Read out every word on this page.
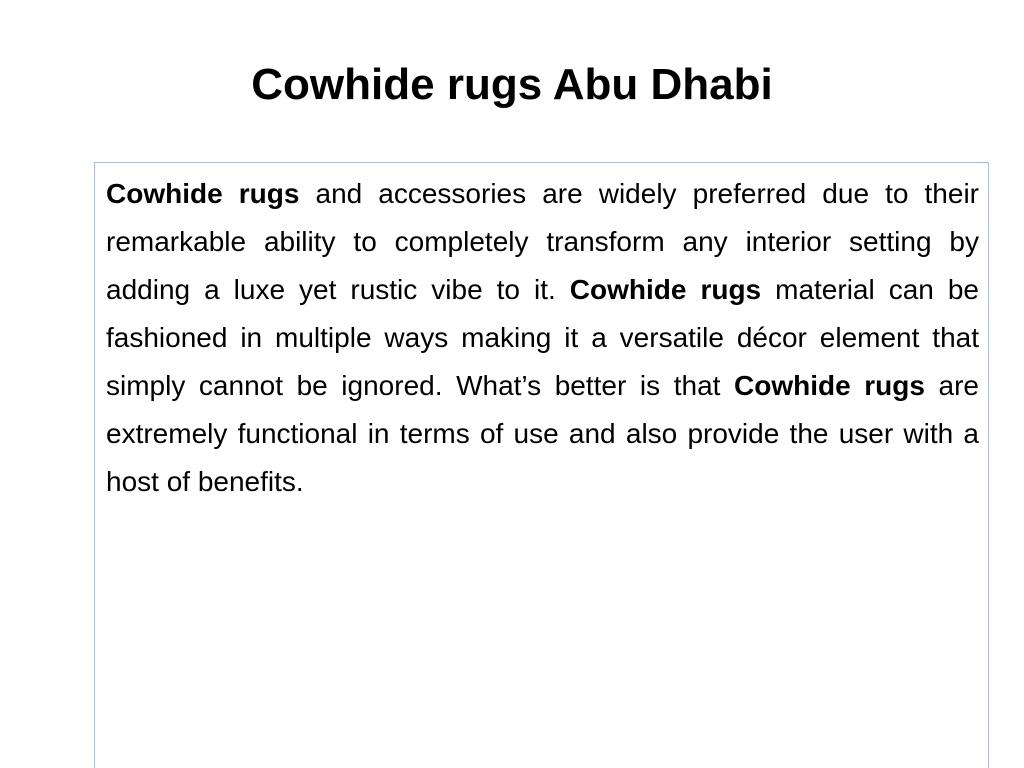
Cowhide rugs Abu Dhabi

Cowhide rugs and accessories are widely preferred due to their remarkable ability to completely transform any interior setting by adding a luxe yet rustic vibe to it. Cowhide rugs material can be fashioned in multiple ways making it a versatile décor element that simply cannot be ignored. What’s better is that Cowhide rugs are extremely functional in terms of use and also provide the user with a host of benefits.
